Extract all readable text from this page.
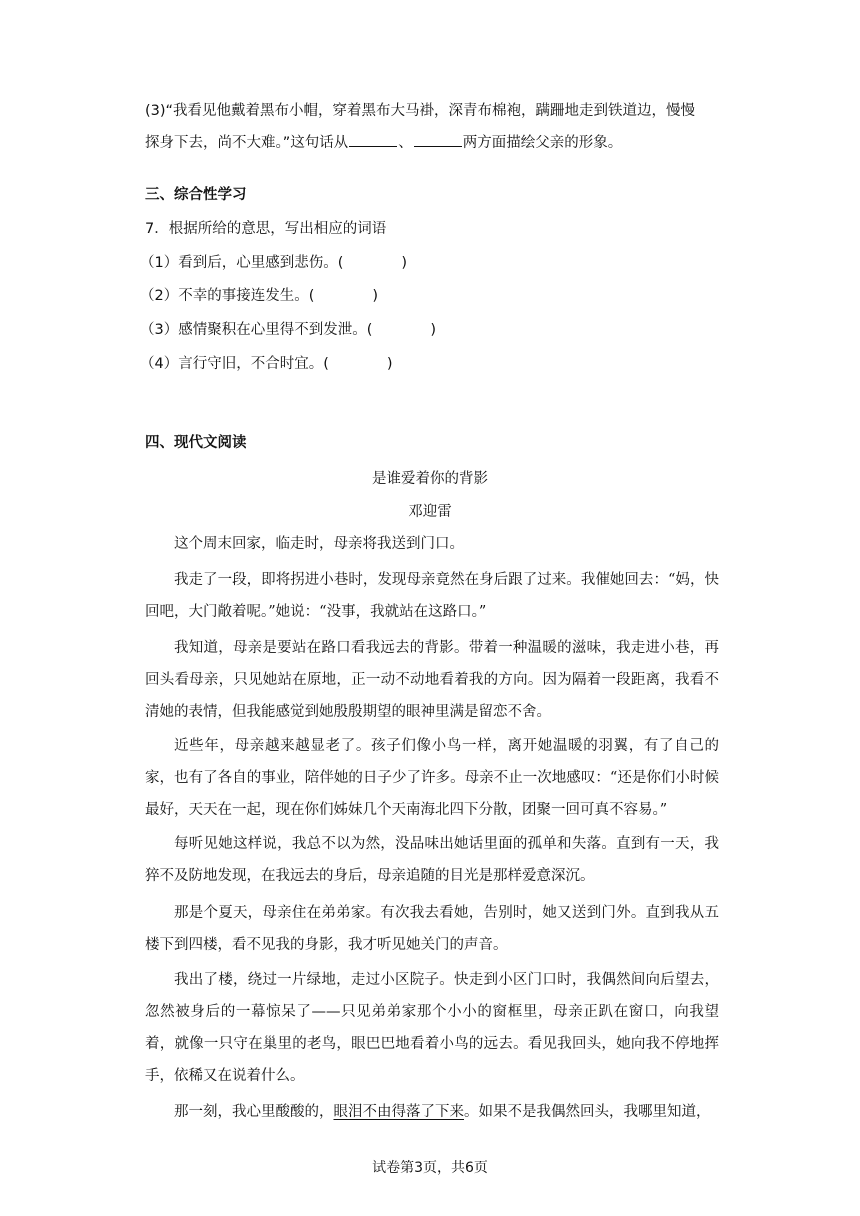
(3)“我看见他戴着黑布小帽，穿着黑布大马褂，深青布棉袍，蹒跚地走到铁道边，慢慢
三、综合性学习
7．根据所给的意思，写出相应的词语
（1）看到后，心里感到悲伤。(　　　　)
（2）不幸的事接连发生。(　　　　)
（3）感情聚积在心里得不到发泄。(　　　　)
（4）言行守旧，不合时宜。(　　　　)
四、现代文阅读
是谁爱着你的背影
邓迎雷
这个周末回家，临走时，母亲将我送到门口。
我走了一段，即将拐进小巷时，发现母亲竟然在身后跟了过来。我催她回去：“妈，快回吧，大门敞着呢。”她说：“没事，我就站在这路口。”
我知道，母亲是要站在路口看我远去的背影。带着一种温暖的滋味，我走进小巷，再回头看母亲，只见她站在原地，正一动不动地看着我的方向。因为隔着一段距离，我看不清她的表情，但我能感觉到她殷殷期望的眼神里满是留恋不舍。
近些年，母亲越来越显老了。孩子们像小鸟一样，离开她温暖的羽翼，有了自己的家，也有了各自的事业，陪伴她的日子少了许多。母亲不止一次地感叹：“还是你们小时候最好，天天在一起，现在你们姊妹几个天南海北四下分散，团聚一回可真不容易。”
每听见她这样说，我总不以为然，没品味出她话里面的孤单和失落。直到有一天，我猝不及防地发现，在我远去的身后，母亲追随的目光是那样爱意深沉。
那是个夏天，母亲住在弟弟家。有次我去看她，告别时，她又送到门外。直到我从五楼下到四楼，看不见我的身影，我才听见她关门的声音。
我出了楼，绕过一片绿地，走过小区院子。快走到小区门口时，我偶然间向后望去，忽然被身后的一幕惊呆了——只见弟弟家那个小小的窗框里，母亲正趴在窗口，向我望着，就像一只守在巢里的老鸟，眼巴巴地看着小鸟的远去。看见我回头，她向我不停地挥手，依稀又在说着什么。
那一刻，我心里酸酸的，眼泪不由得落了下来。如果不是我偶然回头，我哪里知道，
试卷第3页，共6页
探身下去，尚不大难。”这句话从	、	两方面描绘父亲的形象。
